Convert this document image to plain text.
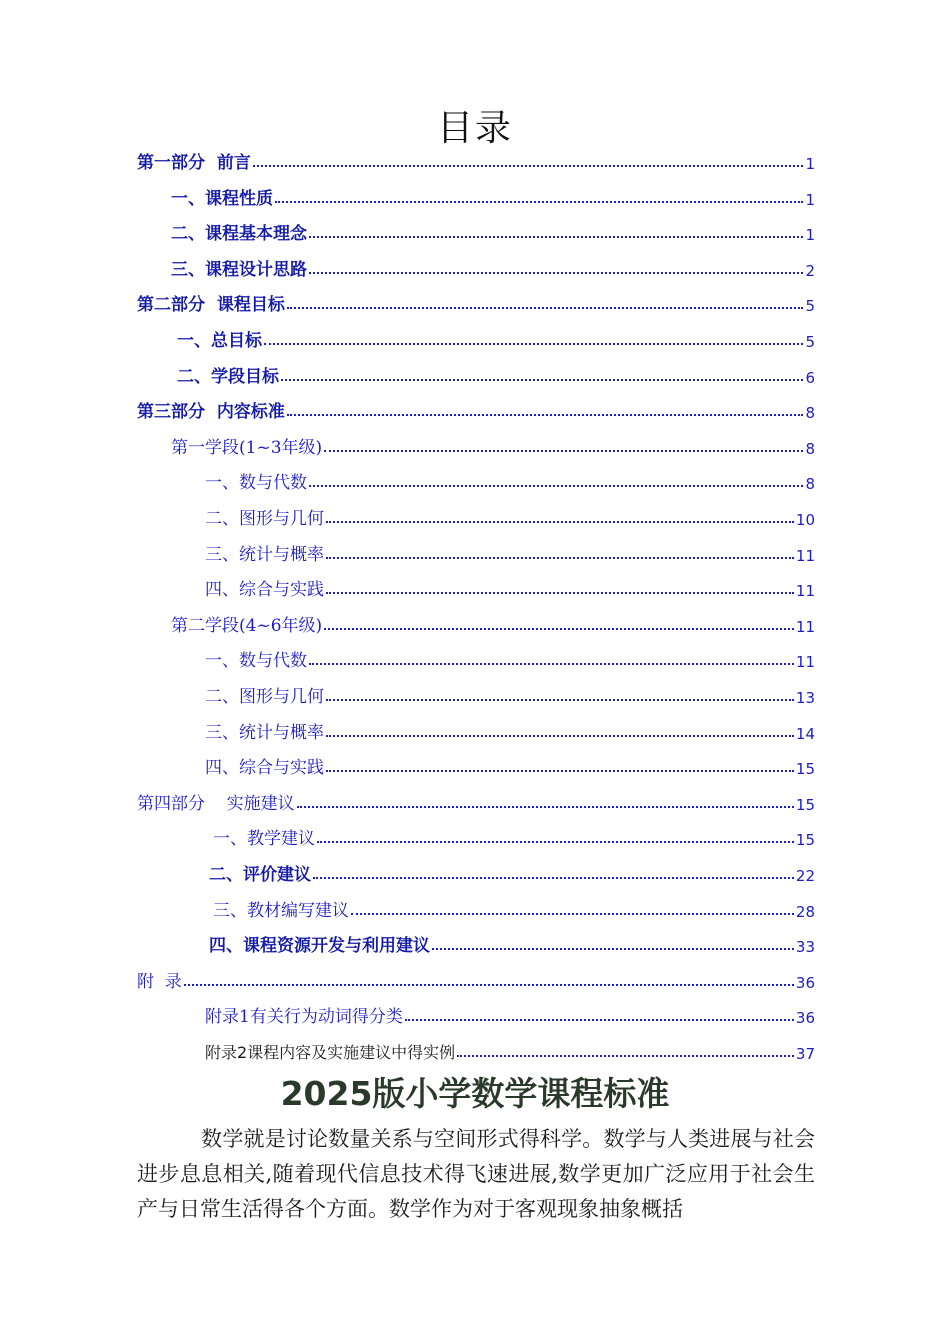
目录
第一部分  前言	1
一、课程性质	1
二、课程基本理念	1
三、课程设计思路	2
第二部分  课程目标	5
一、总目标	5
二、学段目标	6
第三部分  内容标准	8
第一学段(1~3年级)	8
一、数与代数	8
二、图形与几何	10
三、统计与概率	11
四、综合与实践	11
第二学段(4~6年级)	11
一、数与代数	11
二、图形与几何	13
三、统计与概率	14
四、综合与实践	15
第四部分    实施建议	15
一、教学建议	15
二、评价建议	22
三、教材编写建议	28
四、课程资源开发与利用建议	33
附  录	36
附录1有关行为动词得分类	36
附录2课程内容及实施建议中得实例	37
2025版小学数学课程标准
数学就是讨论数量关系与空间形式得科学。数学与人类进展与社会进步息息相关,随着现代信息技术得飞速进展,数学更加广泛应用于社会生产与日常生活得各个方面。数学作为对于客观现象抽象概括
